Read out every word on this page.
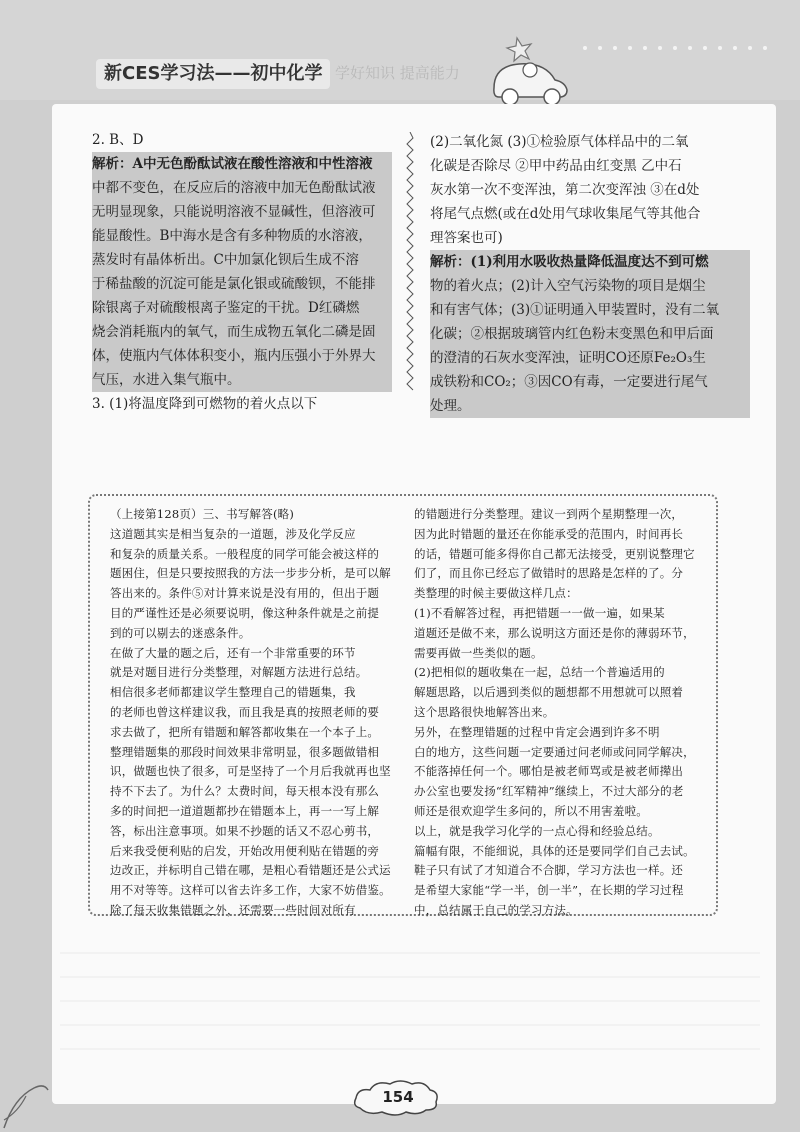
新CES学习法——初中化学 学好知识 提高能力
2. B、D
解析：A中无色酚酞试液在酸性溶液和中性溶液
中都不变色，在反应后的溶液中加无色酚酞试液
无明显现象，只能说明溶液不显碱性，但溶液可
能显酸性。B中海水是含有多种物质的水溶液，
蒸发时有晶体析出。C中加氯化钡后生成不溶
于稀盐酸的沉淀可能是氯化银或硫酸钡，不能排
除银离子对硫酸根离子鉴定的干扰。D红磷燃
烧会消耗瓶内的氧气，而生成物五氧化二磷是固
体，使瓶内气体体积变小，瓶内压强小于外界大
气压，水进入集气瓶中。
3. (1)将温度降到可燃物的着火点以下
(2)二氧化氮 (3)①检验原气体样品中的二氧
化碳是否除尽 ②甲中药品由红变黑 乙中石
灰水第一次不变浑浊，第二次变浑浊 ③在d处
将尾气点燃(或在d处用气球收集尾气等其他合
理答案也可)
解析：(1)利用水吸收热量降低温度达不到可燃
物的着火点；(2)计入空气污染物的项目是烟尘
和有害气体；(3)①证明通入甲装置时，没有二氧
化碳；②根据玻璃管内红色粉末变黑色和甲后面
的澄清的石灰水变浑浊，证明CO还原Fe₂O₃生
成铁粉和CO₂；③因CO有毒，一定要进行尾气
处理。
（上接第128页）三、书写解答(略)
这道题其实是相当复杂的一道题，涉及化学反应
和复杂的质量关系。一般程度的同学可能会被这样的
题困住，但是只要按照我的方法一步步分析，是可以解
答出来的。条件⑤对计算来说是没有用的，但出于题
目的严谨性还是必须要说明，像这种条件就是之前提
到的可以剔去的迷惑条件。
在做了大量的题之后，还有一个非常重要的环节
就是对题目进行分类整理，对解题方法进行总结。
相信很多老师都建议学生整理自己的错题集，我
的老师也曾这样建议我，而且我是真的按照老师的要
求去做了，把所有错题和解答都收集在一个本子上。
整理错题集的那段时间效果非常明显，很多题做错相
识，做题也快了很多，可是坚持了一个月后我就再也坚
持不下去了。为什么？太费时间，每天根本没有那么
多的时间把一道道题都抄在错题本上，再一一写上解
答，标出注意事项。如果不抄题的话又不忍心剪书，
后来我受便利贴的启发，开始改用便利贴在错题的旁
边改正，并标明自己错在哪，是粗心看错题还是公式运
用不对等等。这样可以省去许多工作，大家不妨借鉴。
除了每天收集错题之外，还需要一些时间对所有
的错题进行分类整理。建议一到两个星期整理一次，
因为此时错题的量还在你能承受的范围内，时间再长
的话，错题可能多得你自己都无法接受，更别说整理它
们了，而且你已经忘了做错时的思路是怎样的了。分
类整理的时候主要做这样几点：
(1)不看解答过程，再把错题一一做一遍，如果某
道题还是做不来，那么说明这方面还是你的薄弱环节，
需要再做一些类似的题。
(2)把相似的题收集在一起，总结一个普遍适用的
解题思路，以后遇到类似的题想都不用想就可以照着
这个思路很快地解答出来。
另外，在整理错题的过程中肯定会遇到许多不明
白的地方，这些问题一定要通过问老师或问同学解决，
不能落掉任何一个。哪怕是被老师骂或是被老师撵出
办公室也要发扬“红军精神”继续上，不过大部分的老
师还是很欢迎学生多问的，所以不用害羞啦。
以上，就是我学习化学的一点心得和经验总结。
篇幅有限，不能细说，具体的还是要同学们自己去试。
鞋子只有试了才知道合不合脚，学习方法也一样。还
是希望大家能“学一半，创一半”，在长期的学习过程
中，总结属于自己的学习方法。
154
